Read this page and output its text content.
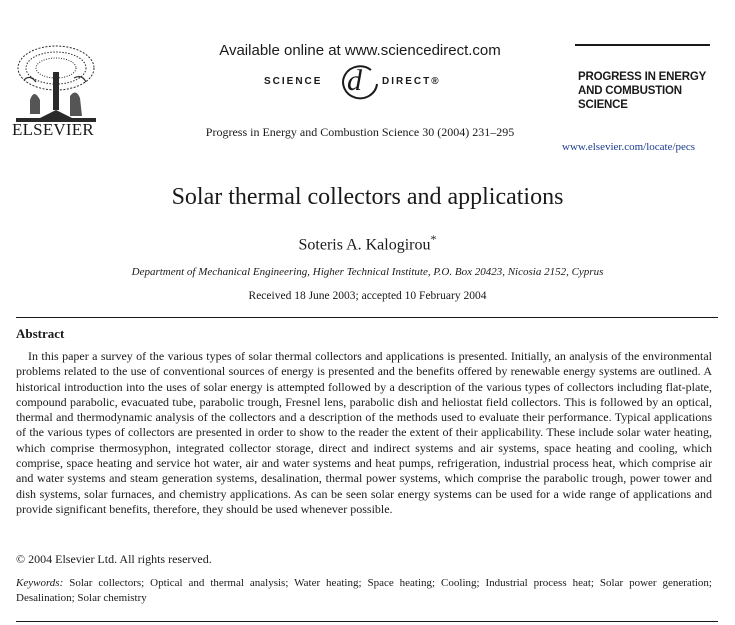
ELSEVIER
Available online at www.sciencedirect.com
SCIENCE d DIRECT®
Progress in Energy and Combustion Science 30 (2004) 231–295
PROGRESS IN ENERGY AND COMBUSTION SCIENCE
www.elsevier.com/locate/pecs
Solar thermal collectors and applications
Soteris A. Kalogirou*
Department of Mechanical Engineering, Higher Technical Institute, P.O. Box 20423, Nicosia 2152, Cyprus
Received 18 June 2003; accepted 10 February 2004
Abstract

In this paper a survey of the various types of solar thermal collectors and applications is presented. Initially, an analysis of the environmental problems related to the use of conventional sources of energy is presented and the benefits offered by renewable energy systems are outlined. A historical introduction into the uses of solar energy is attempted followed by a description of the various types of collectors including flat-plate, compound parabolic, evacuated tube, parabolic trough, Fresnel lens, parabolic dish and heliostat field collectors. This is followed by an optical, thermal and thermodynamic analysis of the collectors and a description of the methods used to evaluate their performance. Typical applications of the various types of collectors are presented in order to show to the reader the extent of their applicability. These include solar water heating, which comprise thermosyphon, integrated collector storage, direct and indirect systems and air systems, space heating and cooling, which comprise, space heating and service hot water, air and water systems and heat pumps, refrigeration, industrial process heat, which comprise air and water systems and steam generation systems, desalination, thermal power systems, which comprise the parabolic trough, power tower and dish systems, solar furnaces, and chemistry applications. As can be seen solar energy systems can be used for a wide range of applications and provide significant benefits, therefore, they should be used whenever possible.

© 2004 Elsevier Ltd. All rights reserved.

Keywords: Solar collectors; Optical and thermal analysis; Water heating; Space heating; Cooling; Industrial process heat; Solar power generation; Desalination; Solar chemistry
